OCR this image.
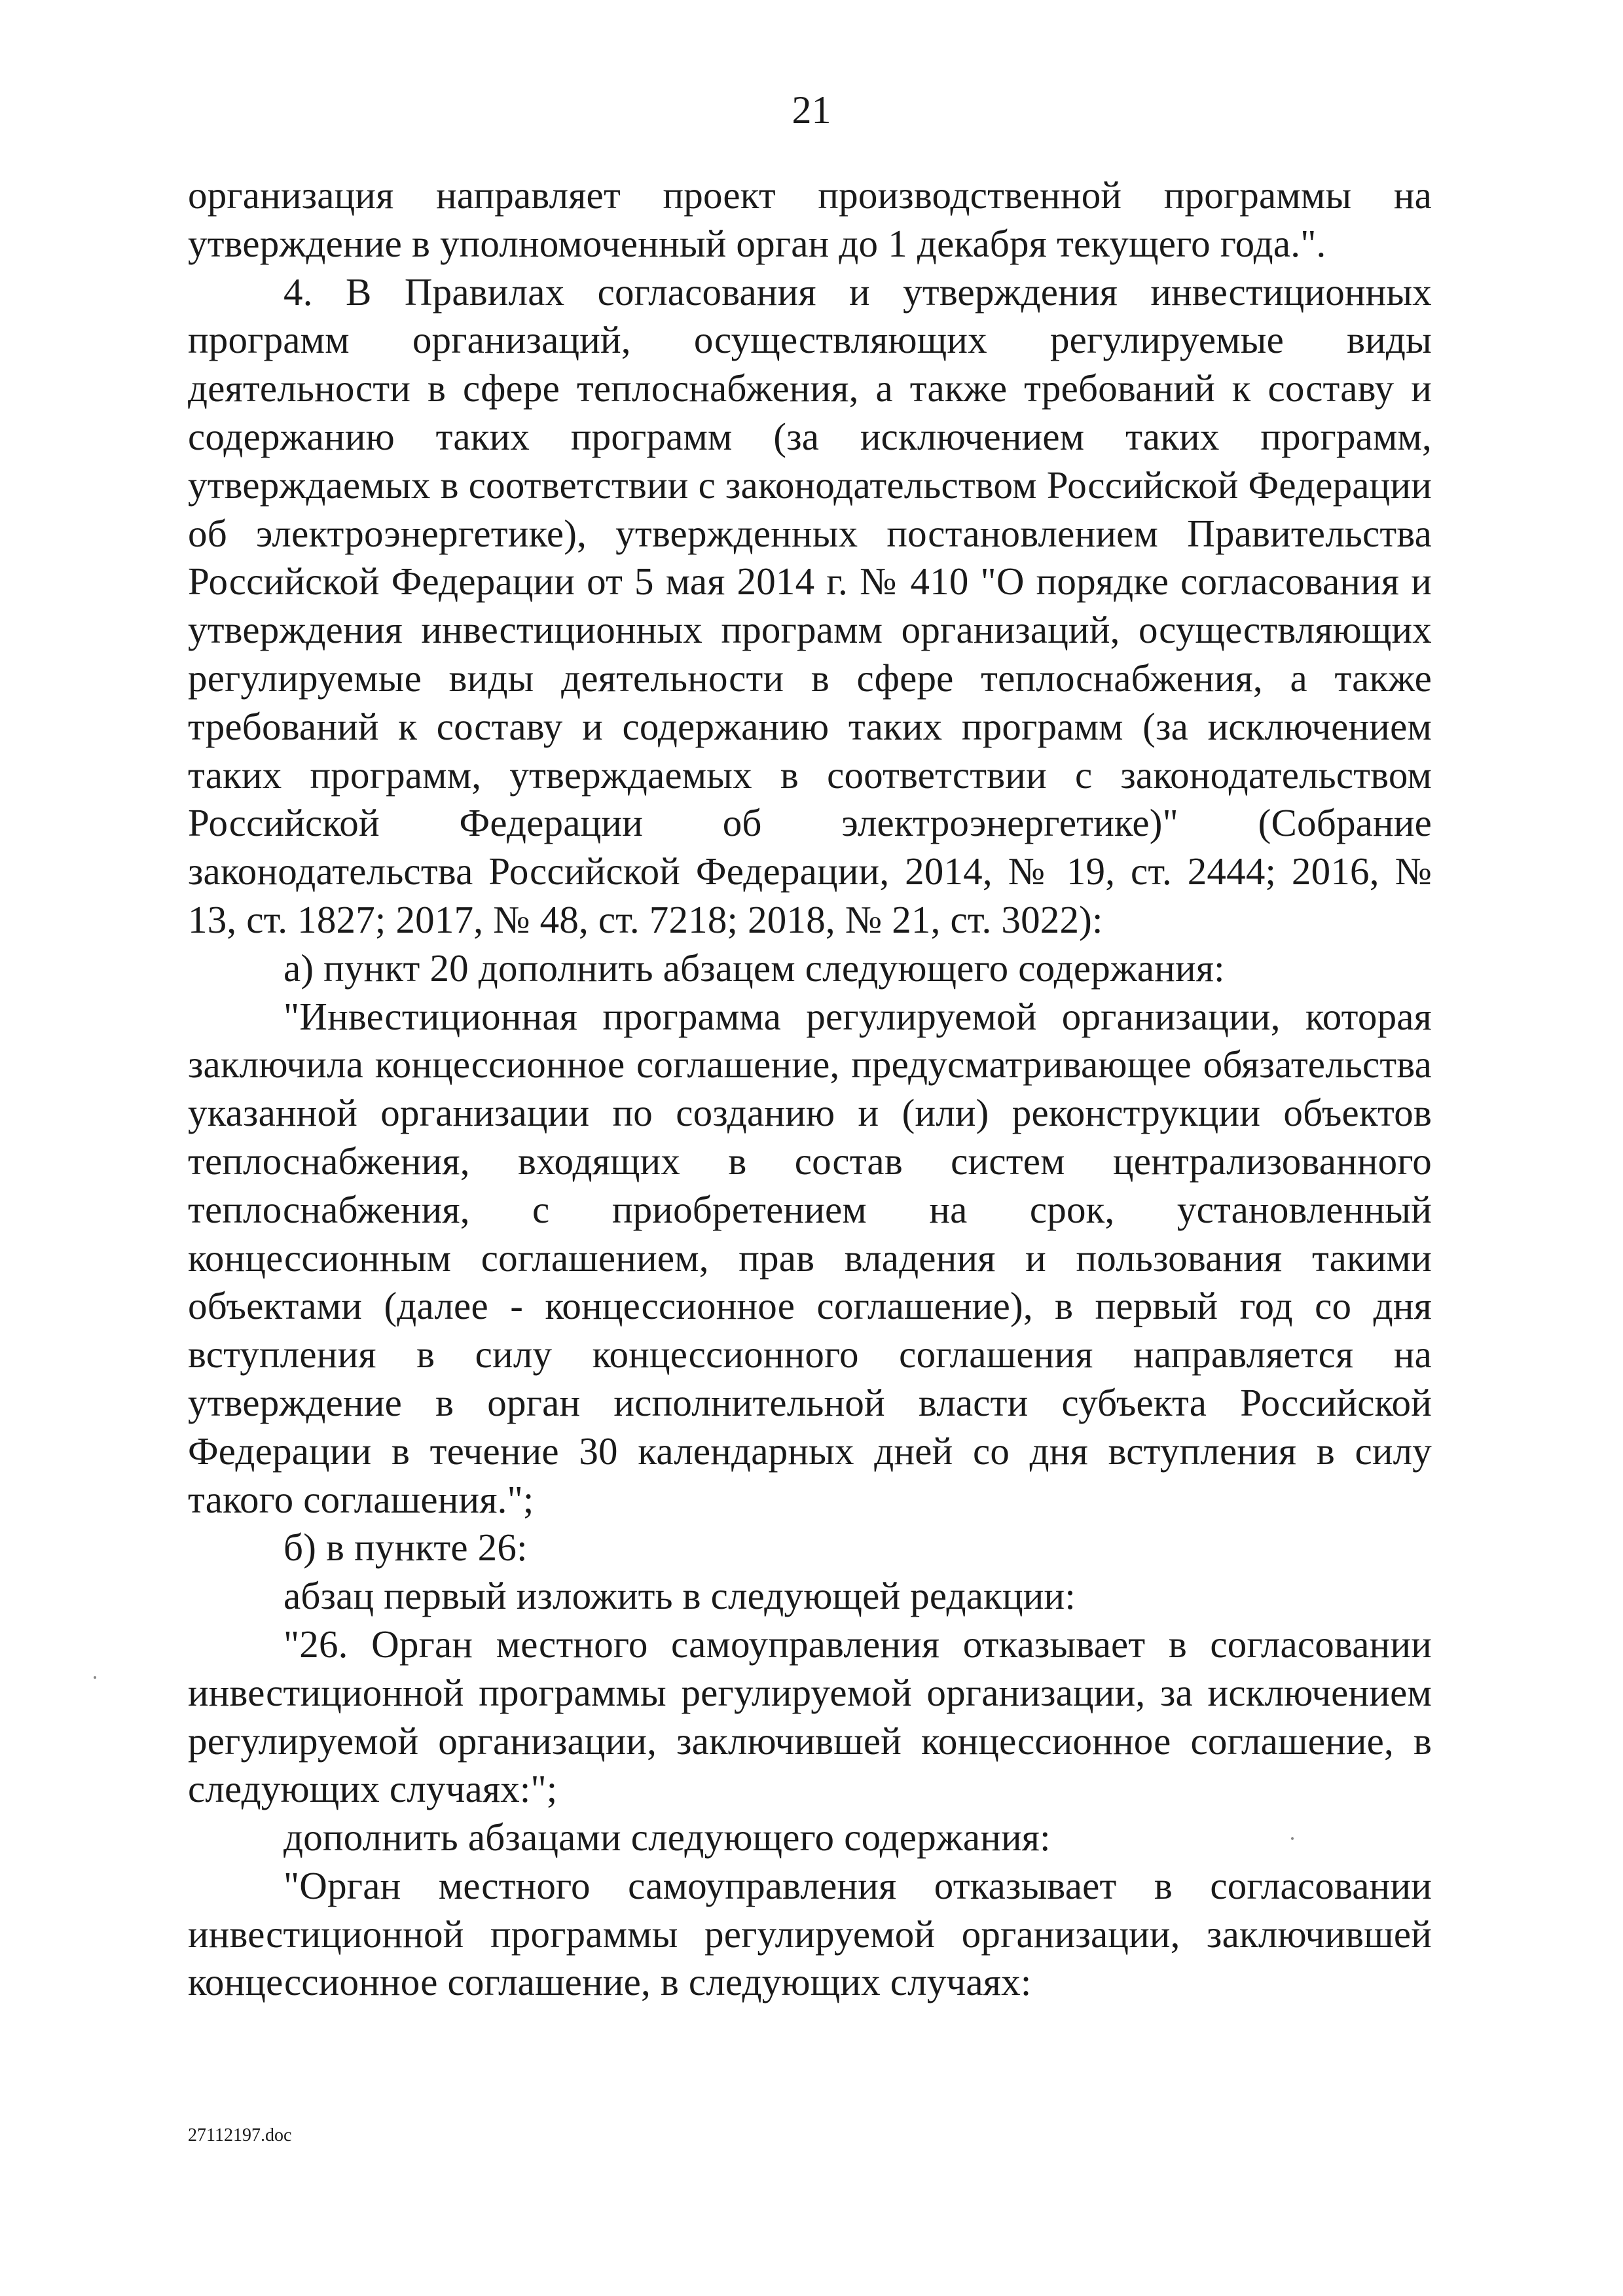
21

организация направляет проект производственной программы на утверждение в уполномоченный орган до 1 декабря текущего года.".

4. В Правилах согласования и утверждения инвестиционных программ организаций, осуществляющих регулируемые виды деятельности в сфере теплоснабжения, а также требований к составу и содержанию таких программ (за исключением таких программ, утверждаемых в соответствии с законодательством Российской Федерации об электроэнергетике), утвержденных постановлением Правительства Российской Федерации от 5 мая 2014 г. № 410 "О порядке согласования и утверждения инвестиционных программ организаций, осуществляющих регулируемые виды деятельности в сфере теплоснабжения, а также требований к составу и содержанию таких программ (за исключением таких программ, утверждаемых в соответствии с законодательством Российской Федерации об электроэнергетике)" (Собрание законодательства Российской Федерации, 2014, № 19, ст. 2444; 2016, № 13, ст. 1827; 2017, № 48, ст. 7218; 2018, № 21, ст. 3022):

а) пункт 20 дополнить абзацем следующего содержания:

"Инвестиционная программа регулируемой организации, которая заключила концессионное соглашение, предусматривающее обязательства указанной организации по созданию и (или) реконструкции объектов теплоснабжения, входящих в состав систем централизованного теплоснабжения, с приобретением на срок, установленный концессионным соглашением, прав владения и пользования такими объектами (далее - концессионное соглашение), в первый год со дня вступления в силу концессионного соглашения направляется на утверждение в орган исполнительной власти субъекта Российской Федерации в течение 30 календарных дней со дня вступления в силу такого соглашения.";

б) в пункте 26:

абзац первый изложить в следующей редакции:

"26. Орган местного самоуправления отказывает в согласовании инвестиционной программы регулируемой организации, за исключением регулируемой организации, заключившей концессионное соглашение, в следующих случаях:";

дополнить абзацами следующего содержания:

"Орган местного самоуправления отказывает в согласовании инвестиционной программы регулируемой организации, заключившей концессионное соглашение, в следующих случаях:

27112197.doc
